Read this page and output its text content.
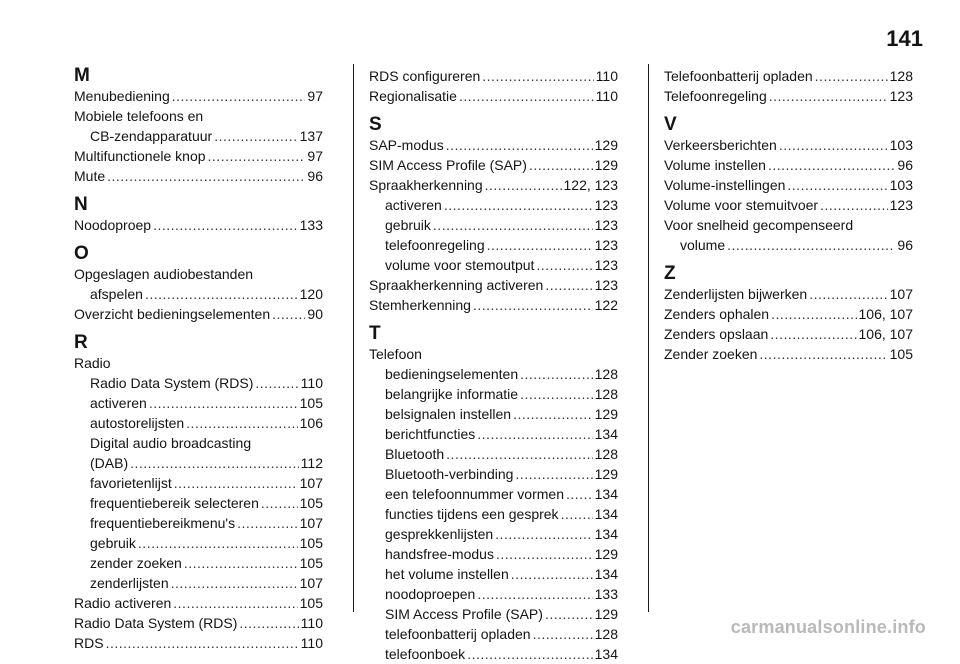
141
M
Menubediening .....	97
Mobiele telefoons en
CB-zendapparatuur .....	137
Multifunctionele knop .....	97
Mute .....	96
N
Noodoproep .....	133
O
Opgeslagen audiobestanden
afspelen .....	120
Overzicht bedieningselementen .....	90
R
Radio
Radio Data System (RDS) .....	110
activeren .....	105
autostorelijsten .....	106
Digital audio broadcasting
(DAB) .....	112
favorietenlijst .....	107
frequentiebereik selecteren .....	105
frequentiebereikmenu's .....	107
gebruik .....	105
zender zoeken .....	105
zenderlijsten .....	107
Radio activeren .....	105
Radio Data System (RDS) .....	110
RDS .....	110
RDS configureren .....	110
Regionalisatie .....	110
S
SAP-modus .....	129
SIM Access Profile (SAP) .....	129
Spraakherkenning .....	122, 123
activeren .....	123
gebruik .....	123
telefoonregeling .....	123
volume voor stemoutput .....	123
Spraakherkenning activeren .....	123
Stemherkenning .....	122
T
Telefoon
bedieningselementen .....	128
belangrijke informatie .....	128
belsignalen instellen .....	129
berichtfuncties .....	134
Bluetooth .....	128
Bluetooth-verbinding .....	129
een telefoonnummer vormen ..... 134
functies tijdens een gesprek .....	134
gesprekkenlijsten .....	134
handsfree-modus .....	129
het volume instellen .....	134
noodoproepen .....	133
SIM Access Profile (SAP) .....	129
telefoonbatterij opladen .....	128
telefoonboek .....	134
Telefoonbatterij opladen .....	128
Telefoonregeling .....	123
V
Verkeersberichten .....	103
Volume instellen .....	96
Volume-instellingen .....	103
Volume voor stemuitvoer .....	123
Voor snelheid gecompenseerd
volume .....	96
Z
Zenderlijsten bijwerken .....	107
Zenders ophalen .....	106, 107
Zenders opslaan .....	106, 107
Zender zoeken .....	105
carmanualsonline.info
